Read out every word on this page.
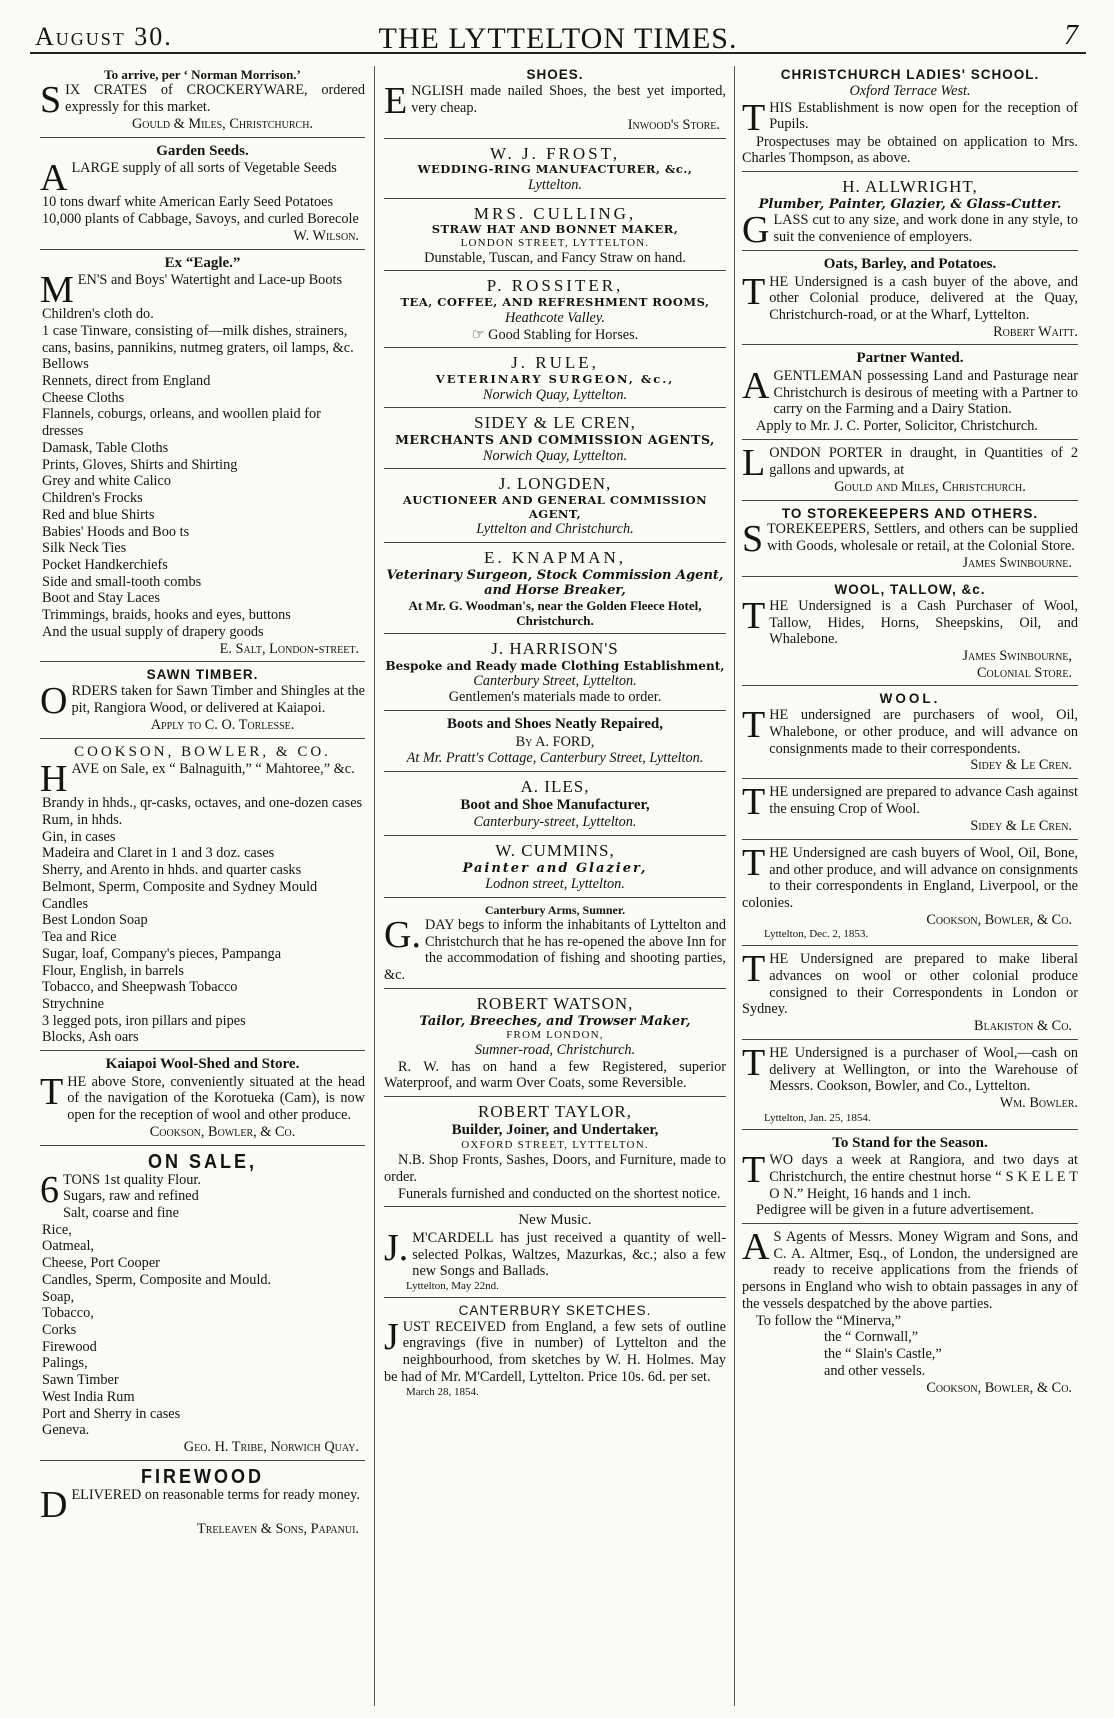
August 30.	THE LYTTELTON TIMES.	7
To arrive, per ‘ Norman Morrison.’
SIX CRATES of CROCKERYWARE, ordered expressly for this market.
Gould & Miles, Christchurch.
Garden Seeds.
ALARGE supply of all sorts of Vegetable Seeds
10 tons dwarf white American Early Seed Potatoes
10,000 plants of Cabbage, Savoys, and curled Borecole
W. Wilson.
Ex “Eagle.”
MEN'S and Boys' Watertight and Lace-up Boots
Children's cloth do.
1 case Tinware, consisting of—milk dishes, strainers, cans, basins, pannikins, nutmeg graters, oil lamps, &c.
Bellows
Rennets, direct from England
Cheese Cloths
Flannels, coburgs, orleans, and woollen plaid for dresses
Damask, Table Cloths
Prints, Gloves, Shirts and Shirting
Grey and white Calico
Children's Frocks
Red and blue Shirts
Babies' Hoods and Boo ts
Silk Neck Ties
Pocket Handkerchiefs
Side and small-tooth combs
Boot and Stay Laces
Trimmings, braids, hooks and eyes, buttons
And the usual supply of drapery goods
E. Salt, London-street.
SAWN TIMBER.
ORDERS taken for Sawn Timber and Shingles at the pit, Rangiora Wood, or delivered at Kaiapoi.
Apply to C. O. Torlesse.
COOKSON, BOWLER, & CO.
HAVE on Sale, ex “ Balnaguith,” “ Mahtoree,” &c.
Brandy in hhds., qr-casks, octaves, and one-dozen cases
Rum, in hhds.
Gin, in cases
Madeira and Claret in 1 and 3 doz. cases
Sherry, and Arento in hhds. and quarter casks
Belmont, Sperm, Composite and Sydney Mould Candles
Best London Soap
Tea and Rice
Sugar, loaf, Company's pieces, Pampanga
Flour, English, in barrels
Tobacco, and Sheepwash Tobacco
Strychnine
3 legged pots, iron pillars and pipes
Blocks, Ash oars
Kaiapoi Wool-Shed and Store.
THE above Store, conveniently situated at the head of the navigation of the Korotueka (Cam), is now open for the reception of wool and other produce.
Cookson, Bowler, & Co.
ON SALE,
6 TONS 1st quality Flour.
Sugars, raw and refined
Salt, coarse and fine
Rice,
Oatmeal,
Cheese, Port Cooper
Candles, Sperm, Composite and Mould.
Soap,
Tobacco,
Corks
Firewood
Palings,
Sawn Timber
West India Rum
Port and Sherry in cases
Geneva.
Geo. H. Tribe, Norwich Quay.
FIREWOOD
DELIVERED on reasonable terms for ready money.
Treleaven & Sons, Papanui.
SHOES.
ENGLISH made nailed Shoes, the best yet imported, very cheap.
Inwood's Store.
W. J. FROST,
WEDDING-RING MANUFACTURER, &c.,
Lyttelton.
MRS. CULLING,
STRAW HAT AND BONNET MAKER,
LONDON STREET, LYTTELTON.
Dunstable, Tuscan, and Fancy Straw on hand.
P. ROSSITER,
TEA, COFFEE, AND REFRESHMENT ROOMS,
Heathcote Valley.
☞ Good Stabling for Horses.
J. RULE,
VETERINARY SURGEON, &c.,
Norwich Quay, Lyttelton.
SIDEY & LE CREN,
MERCHANTS AND COMMISSION AGENTS,
Norwich Quay, Lyttelton.
J. LONGDEN,
AUCTIONEER AND GENERAL COMMISSION AGENT,
Lyttelton and Christchurch.
E. KNAPMAN,
Veterinary Surgeon, Stock Commission Agent, and Horse Breaker,
At Mr. G. Woodman's, near the Golden Fleece Hotel, Christchurch.
J. HARRISON'S
Bespoke and Ready made Clothing Establishment,
Canterbury Street, Lyttelton.
Gentlemen's materials made to order.
Boots and Shoes Neatly Repaired,
By A. FORD,
At Mr. Pratt's Cottage, Canterbury Street, Lyttelton.
A. ILES,
Boot and Shoe Manufacturer,
Canterbury-street, Lyttelton.
W. CUMMINS,
Painter and Glazier,
Lodnon street, Lyttelton.
Canterbury Arms, Sumner.
G. DAY begs to inform the inhabitants of Lyttelton and Christchurch that he has re-opened the above Inn for the accommodation of fishing and shooting parties, &c.
ROBERT WATSON,
Tailor, Breeches, and Trowser Maker,
FROM LONDON,
Sumner-road, Christchurch.
R. W. has on hand a few Registered, superior Waterproof, and warm Over Coats, some Reversible.
ROBERT TAYLOR,
Builder, Joiner, and Undertaker,
OXFORD STREET, LYTTELTON.
N.B. Shop Fronts, Sashes, Doors, and Furniture, made to order.
Funerals furnished and conducted on the shortest notice.
New Music.
J. M'CARDELL has just received a quantity of well-selected Polkas, Waltzes, Mazurkas, &c.; also a few new Songs and Ballads.
Lyttelton, May 22nd.
CANTERBURY SKETCHES.
JUST RECEIVED from England, a few sets of outline engravings (five in number) of Lyttelton and the neighbourhood, from sketches by W. H. Holmes. May be had of Mr. M'Cardell, Lyttelton. Price 10s. 6d. per set.
March 28, 1854.
CHRISTCHURCH LADIES' SCHOOL.
Oxford Terrace West.
THIS Establishment is now open for the reception of Pupils.
Prospectuses may be obtained on application to Mrs. Charles Thompson, as above.
H. ALLWRIGHT,
Plumber, Painter, Glazier, & Glass-Cutter.
GLASS cut to any size, and work done in any style, to suit the convenience of employers.
Oats, Barley, and Potatoes.
THE Undersigned is a cash buyer of the above, and other Colonial produce, delivered at the Quay, Christchurch-road, or at the Wharf, Lyttelton.
Robert Waitt.
Partner Wanted.
AGENTLEMAN possessing Land and Pasturage near Christchurch is desirous of meeting with a Partner to carry on the Farming and a Dairy Station.
Apply to Mr. J. C. Porter, Solicitor, Christchurch.
LONDON PORTER in draught, in Quantities of 2 gallons and upwards, at
Gould and Miles, Christchurch.
TO STOREKEEPERS AND OTHERS.
STOREKEEPERS, Settlers, and others can be supplied with Goods, wholesale or retail, at the Colonial Store.
James Swinbourne.
WOOL, TALLOW, &c.
THE Undersigned is a Cash Purchaser of Wool, Tallow, Hides, Horns, Sheepskins, Oil, and Whalebone.
James Swinbourne,
Colonial Store.
WOOL.
THE undersigned are purchasers of wool, Oil, Whalebone, or other produce, and will advance on consignments made to their correspondents.
Sidey & Le Cren.
THE undersigned are prepared to advance Cash against the ensuing Crop of Wool.
Sidey & Le Cren.
THE Undersigned are cash buyers of Wool, Oil, Bone, and other produce, and will advance on consignments to their correspondents in England, Liverpool, or the colonies.
Cookson, Bowler, & Co.
Lyttelton, Dec. 2, 1853.
THE Undersigned are prepared to make liberal advances on wool or other colonial produce consigned to their Correspondents in London or Sydney.
Blakiston & Co.
THE Undersigned is a purchaser of Wool,—cash on delivery at Wellington, or into the Warehouse of Messrs. Cookson, Bowler, and Co., Lyttelton.
Wm. Bowler.
Lyttelton, Jan. 25, 1854.
To Stand for the Season.
TWO days a week at Rangiora, and two days at Christchurch, the entire chestnut horse “ S K E L E T O N.” Height, 16 hands and 1 inch.
Pedigree will be given in a future advertisement.
A S Agents of Messrs. Money Wigram and Sons, and C. A. Altmer, Esq., of London, the undersigned are ready to receive applications from the friends of persons in England who wish to obtain passages in any of the vessels despatched by the above parties.
To follow the “Minerva,”
the “ Cornwall,”
the “ Slain's Castle,”
and other vessels.
Cookson, Bowler, & Co.
